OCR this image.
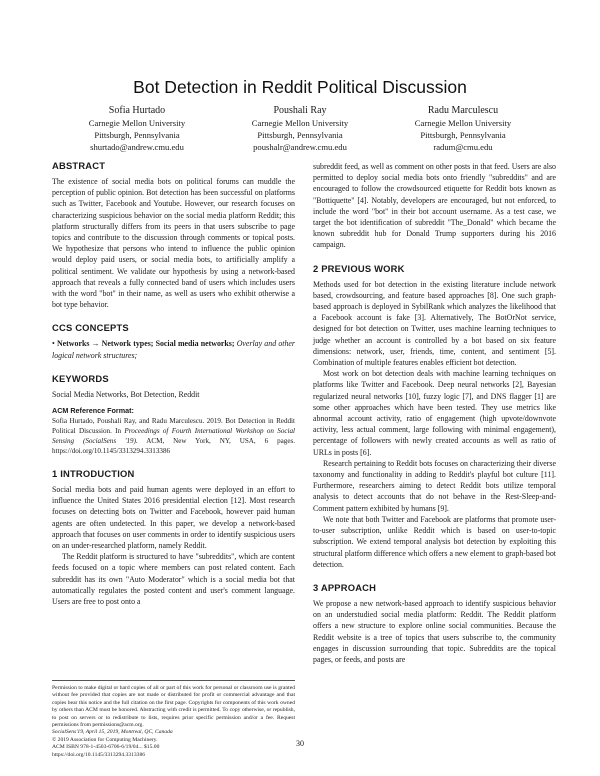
Bot Detection in Reddit Political Discussion
Sofia Hurtado
Carnegie Mellon University
Pittsburgh, Pennsylvania
shurtado@andrew.cmu.edu
Poushali Ray
Carnegie Mellon University
Pittsburgh, Pennsylvania
poushalr@andrew.cmu.edu
Radu Marculescu
Carnegie Mellon University
Pittsburgh, Pennsylvania
radum@cmu.edu
ABSTRACT

The existence of social media bots on political forums can muddle the perception of public opinion. Bot detection has been successful on platforms such as Twitter, Facebook and Youtube. However, our research focuses on characterizing suspicious behavior on the social media platform Reddit; this platform structurally differs from its peers in that users subscribe to page topics and contribute to the discussion through comments or topical posts. We hypothesize that persons who intend to influence the public opinion would deploy paid users, or social media bots, to artificially amplify a political sentiment. We validate our hypothesis by using a network-based approach that reveals a fully connected band of users which includes users with the word "bot" in their name, as well as users who exhibit otherwise a bot type behavior.

CCS CONCEPTS

• Networks → Network types; Social media networks; Overlay and other logical network structures;

KEYWORDS

Social Media Networks, Bot Detection, Reddit

ACM Reference Format:

Sofia Hurtado, Poushali Ray, and Radu Marculescu. 2019. Bot Detection in Reddit Political Discussion. In Proceedings of Fourth International Workshop on Social Sensing (SocialSens '19). ACM, New York, NY, USA, 6 pages. https://doi.org/10.1145/3313294.3313386

1 INTRODUCTION

Social media bots and paid human agents were deployed in an effort to influence the United States 2016 presidential election [12]. Most research focuses on detecting bots on Twitter and Facebook, however paid human agents are often undetected. In this paper, we develop a network-based approach that focuses on user comments in order to identify suspicious users on an under-researched platform, namely Reddit.

The Reddit platform is structured to have "subreddits", which are content feeds focused on a topic where members can post related content. Each subreddit has its own "Auto Moderator" which is a social media bot that automatically regulates the posted content and user's comment language. Users are free to post onto a

Permission to make digital or hard copies of all or part of this work for personal or classroom use is granted without fee provided that copies are not made or distributed for profit or commercial advantage and that copies bear this notice and the full citation on the first page. Copyrights for components of this work owned by others than ACM must be honored. Abstracting with credit is permitted. To copy otherwise, or republish, to post on servers or to redistribute to lists, requires prior specific permission and/or a fee. Request permissions from permissions@acm.org.
SocialSens'19, April 15, 2019, Montreal, QC, Canada
© 2019 Association for Computing Machinery.
ACM ISBN 978-1-4503-6706-6/19/04... $15.00
https://doi.org/10.1145/3313294.3313386

subreddit feed, as well as comment on other posts in that feed. Users are also permitted to deploy social media bots onto friendly "subreddits" and are encouraged to follow the crowdsourced etiquette for Reddit bots known as "Bottiquette" [4]. Notably, developers are encouraged, but not enforced, to include the word "bot" in their bot account username. As a test case, we target the bot identification of subreddit "The_Donald" which became the known subreddit hub for Donald Trump supporters during his 2016 campaign.

2 PREVIOUS WORK

Methods used for bot detection in the existing literature include network based, crowdsourcing, and feature based approaches [8]. One such graph-based approach is deployed in SybilRank which analyzes the likelihood that a Facebook account is fake [3]. Alternatively, The BotOrNot service, designed for bot detection on Twitter, uses machine learning techniques to judge whether an account is controlled by a bot based on six feature dimensions: network, user, friends, time, content, and sentiment [5]. Combination of multiple features enables efficient bot detection.

Most work on bot detection deals with machine learning techniques on platforms like Twitter and Facebook. Deep neural networks [2], Bayesian regularized neural networks [10], fuzzy logic [7], and DNS flagger [1] are some other approaches which have been tested. They use metrics like abnormal account activity, ratio of engagement (high upvote/downvote activity, less actual comment, large following with minimal engagement), percentage of followers with newly created accounts as well as ratio of URLs in posts [6].

Research pertaining to Reddit bots focuses on characterizing their diverse taxonomy and functionality in adding to Reddit's playful bot culture [11]. Furthermore, researchers aiming to detect Reddit bots utilize temporal analysis to detect accounts that do not behave in the Rest-Sleep-and-Comment pattern exhibited by humans [9].

We note that both Twitter and Facebook are platforms that promote user-to-user subscription, unlike Reddit which is based on user-to-topic subscription. We extend temporal analysis bot detection by exploiting this structural platform difference which offers a new element to graph-based bot detection.

3 APPROACH

We propose a new network-based approach to identify suspicious behavior on an understudied social media platform: Reddit. The Reddit platform offers a new structure to explore online social communities. Because the Reddit website is a tree of topics that users subscribe to, the community engages in discussion surrounding that topic. Subreddits are the topical pages, or feeds, and posts are

30
